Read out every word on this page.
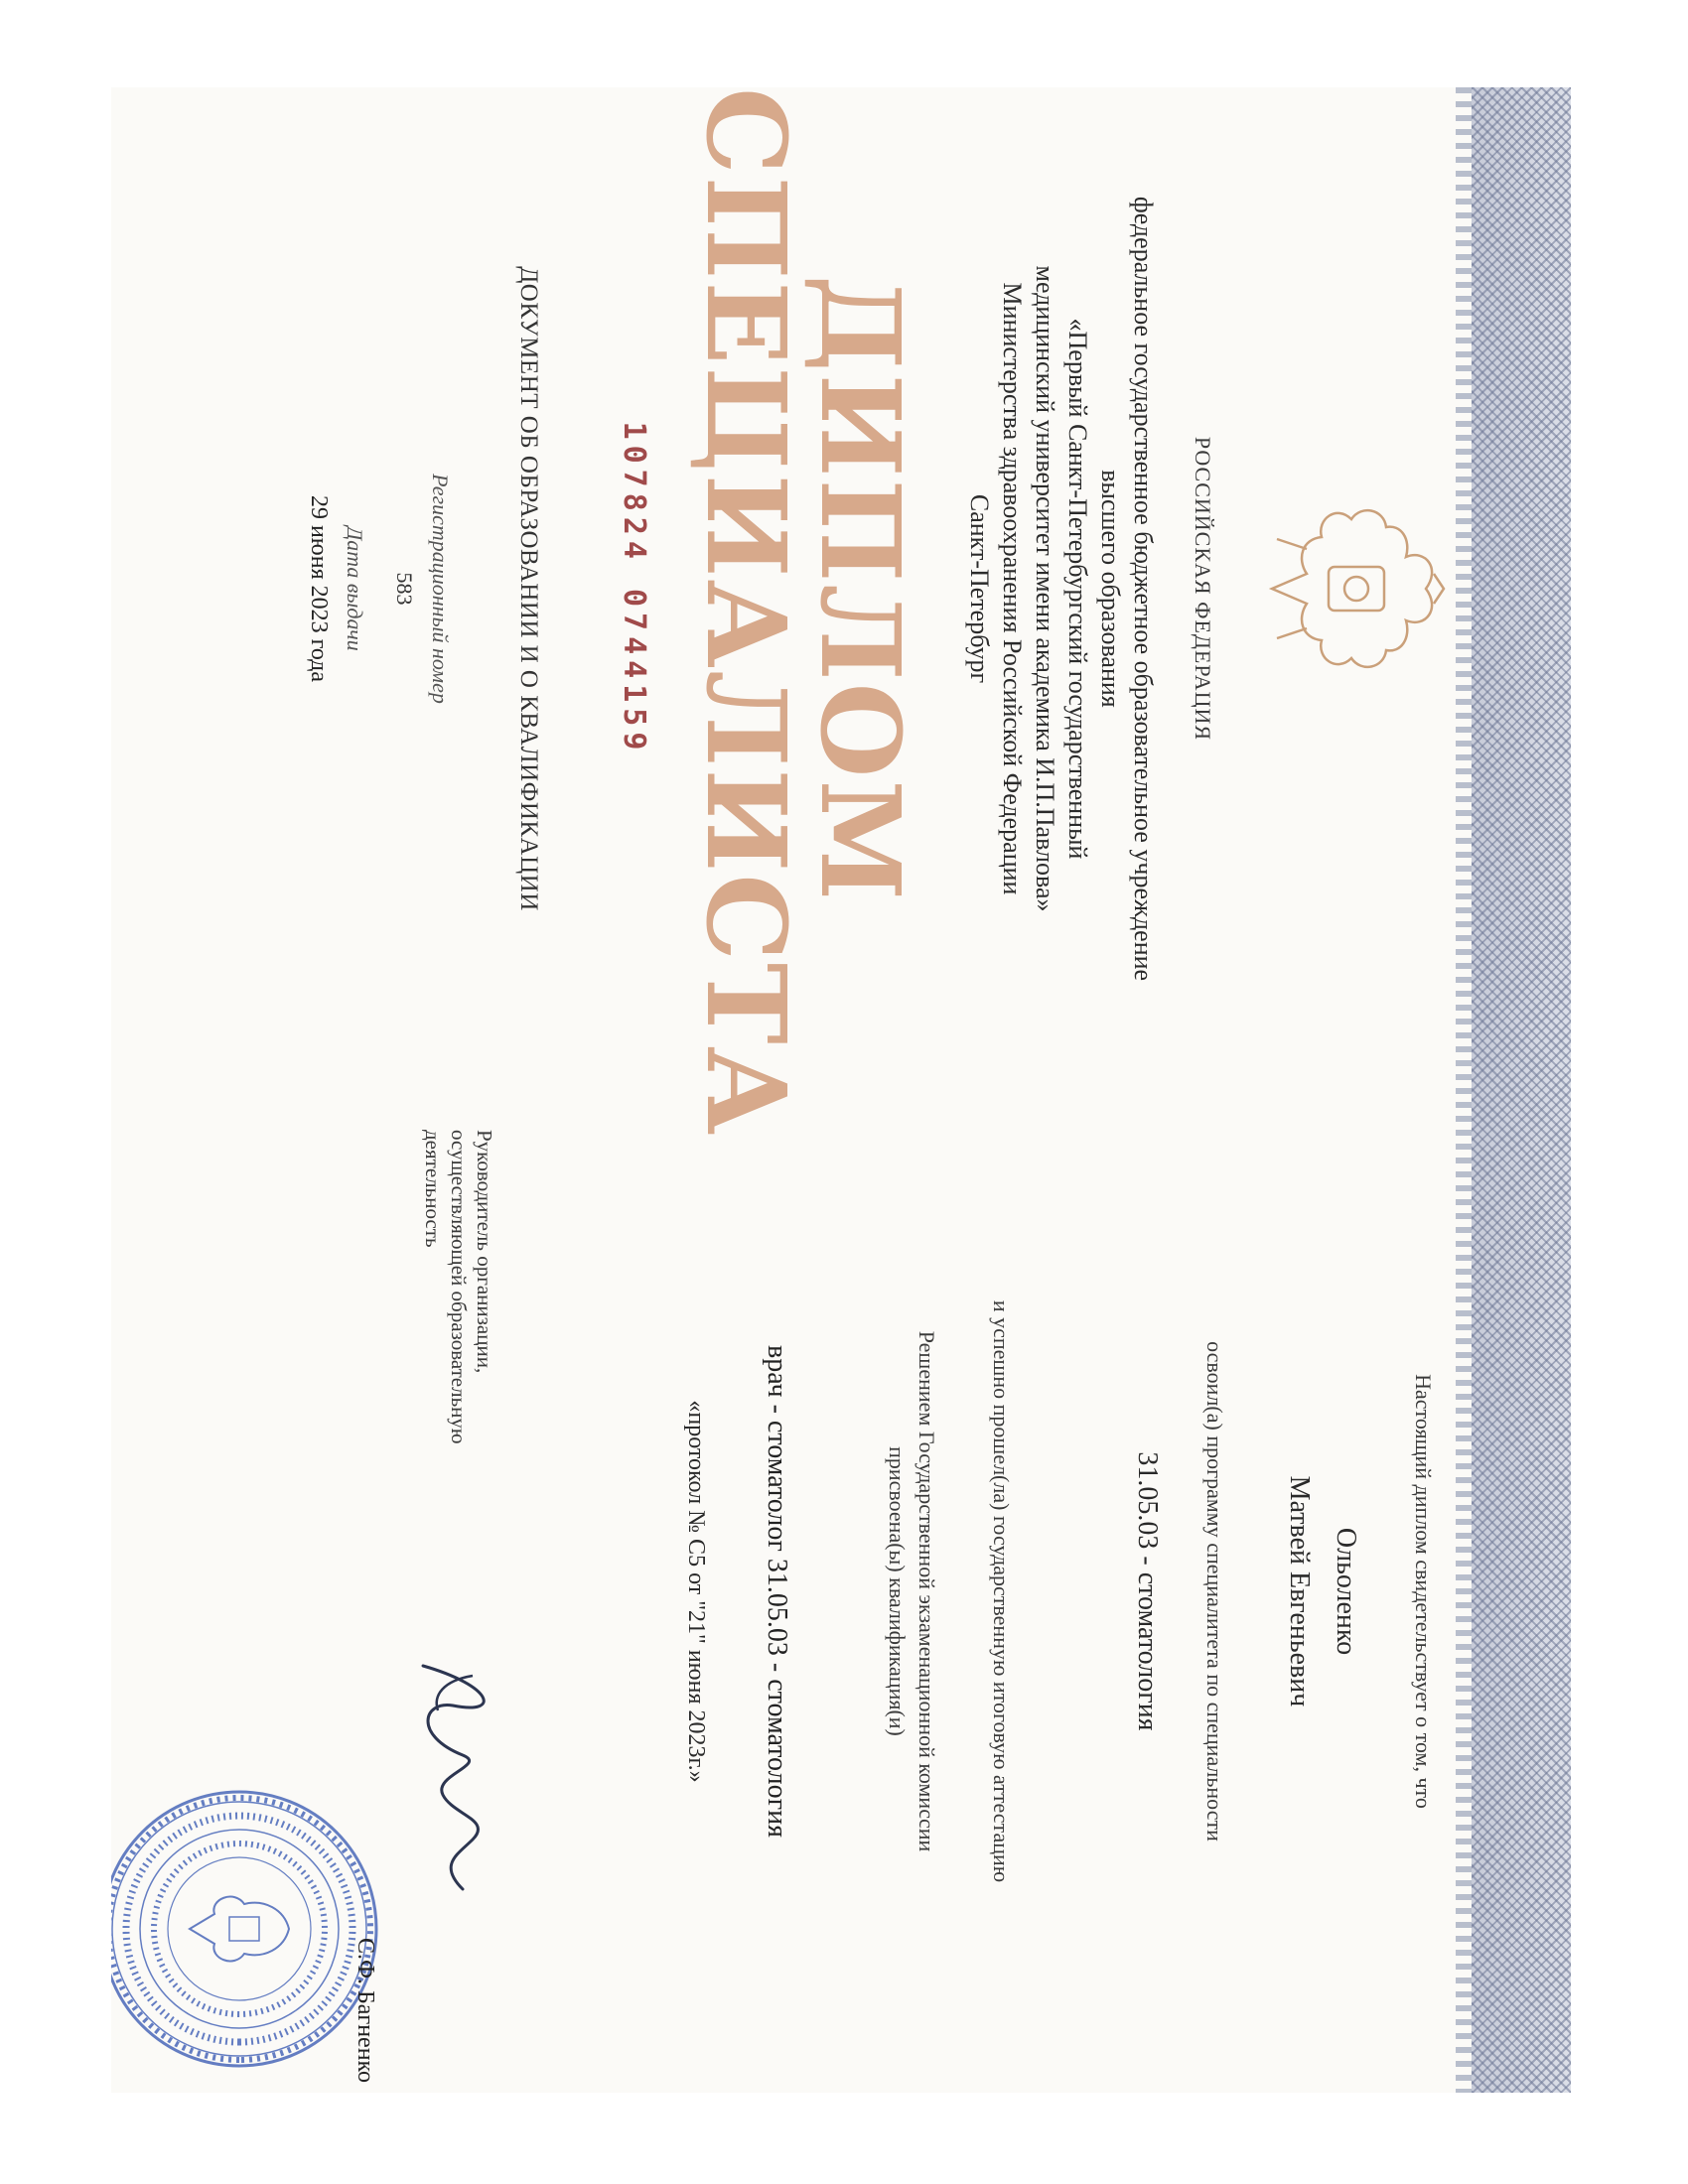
РОССИЙСКАЯ ФЕДЕРАЦИЯ
федеральное государственное бюджетное образовательное учреждение
высшего образования
«Первый Санкт-Петербургский государственный
медицинский университет имени академика И.П.Павлова»
Министерства здравоохранения Российской Федерации
Санкт-Петербург
ДИПЛОМ
СПЕЦИАЛИСТА
107824 0744159
ДОКУМЕНТ ОБ ОБРАЗОВАНИИ И О КВАЛИФИКАЦИИ
Регистрационный номер
583
Дата выдачи
29 июня 2023 года
Настоящий диплом свидетельствует о том, что
Ольоленко
Матвей Евгеньевич
освоил(а) программу специалитета по специальности
31.05.03 - стоматология
и успешно прошел(ла) государственную итоговую аттестацию
Решением Государственной экзаменационной комиссии
присвоена(ы) квалификация(и)
врач - стоматолог 31.05.03 - стоматология
«протокол № С5 от "21" июня 2023г.»
Руководитель организации,
осуществляющей образовательную
деятельность
С.Ф. Багненко
